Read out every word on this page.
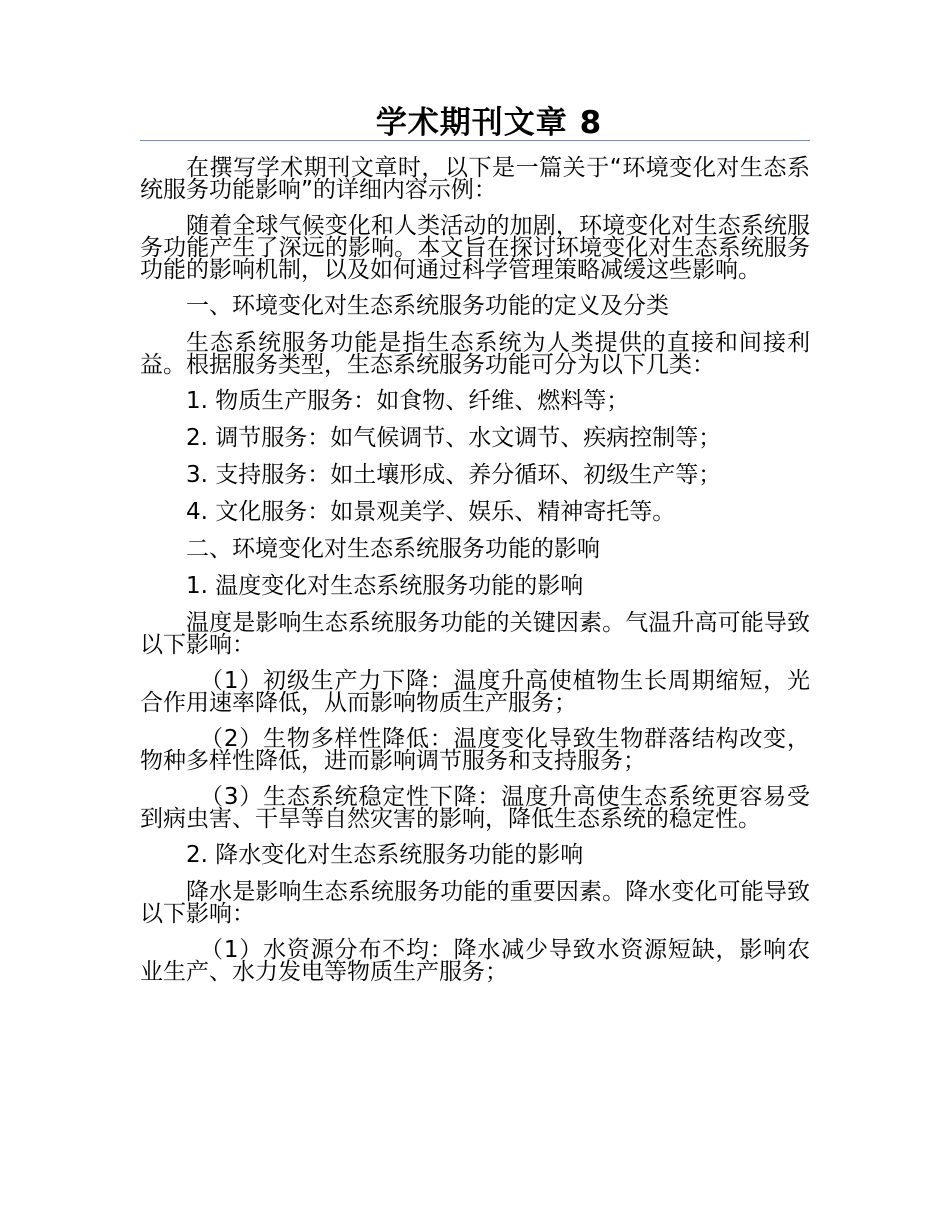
学术期刊文章 8

在撰写学术期刊文章时，以下是一篇关于“环境变化对生态系统服务功能影响”的详细内容示例：

随着全球气候变化和人类活动的加剧，环境变化对生态系统服务功能产生了深远的影响。本文旨在探讨环境变化对生态系统服务功能的影响机制，以及如何通过科学管理策略减缓这些影响。

一、环境变化对生态系统服务功能的定义及分类

生态系统服务功能是指生态系统为人类提供的直接和间接利益。根据服务类型，生态系统服务功能可分为以下几类：

1. 物质生产服务：如食物、纤维、燃料等；

2. 调节服务：如气候调节、水文调节、疾病控制等；

3. 支持服务：如土壤形成、养分循环、初级生产等；

4. 文化服务：如景观美学、娱乐、精神寄托等。

二、环境变化对生态系统服务功能的影响

1. 温度变化对生态系统服务功能的影响

温度是影响生态系统服务功能的关键因素。气温升高可能导致以下影响：

（1）初级生产力下降：温度升高使植物生长周期缩短，光合作用速率降低，从而影响物质生产服务；

（2）生物多样性降低：温度变化导致生物群落结构改变，物种多样性降低，进而影响调节服务和支持服务；

（3）生态系统稳定性下降：温度升高使生态系统更容易受到病虫害、干旱等自然灾害的影响，降低生态系统的稳定性。

2. 降水变化对生态系统服务功能的影响

降水是影响生态系统服务功能的重要因素。降水变化可能导致以下影响：

（1）水资源分布不均：降水减少导致水资源短缺，影响农业生产、水力发电等物质生产服务；
